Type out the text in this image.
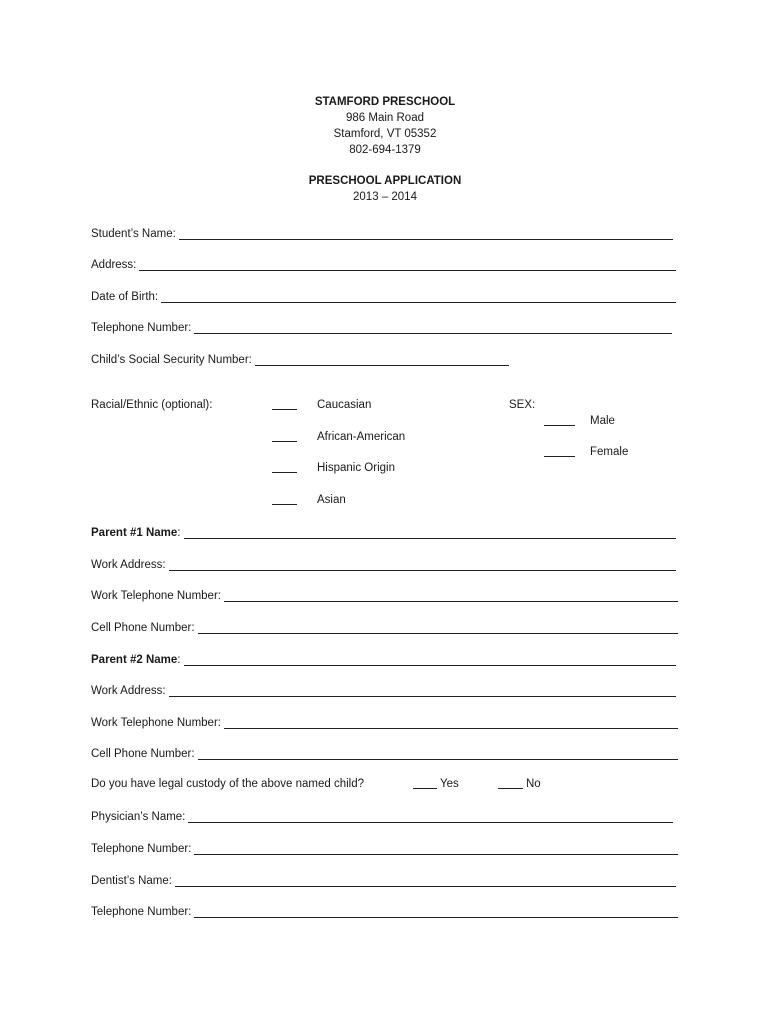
STAMFORD PRESCHOOL
986 Main Road
Stamford, VT 05352
802-694-1379
PRESCHOOL APPLICATION
2013 – 2014
Student’s Name:
Address:
Date of Birth:
Telephone Number:
Child’s Social Security Number:
Racial/Ethnic (optional):	Caucasian
African-American
Hispanic Origin
Asian
SEX:
Male
Female
Parent #1 Name :
Work Address:
Work Telephone Number:
Cell Phone Number:
Parent #2 Name :
Work Address:
Work Telephone Number:
Cell Phone Number:
Do you have legal custody of the above named child?	Yes	No
Physician’s Name:
Telephone Number:
Dentist’s Name:
Telephone Number:
